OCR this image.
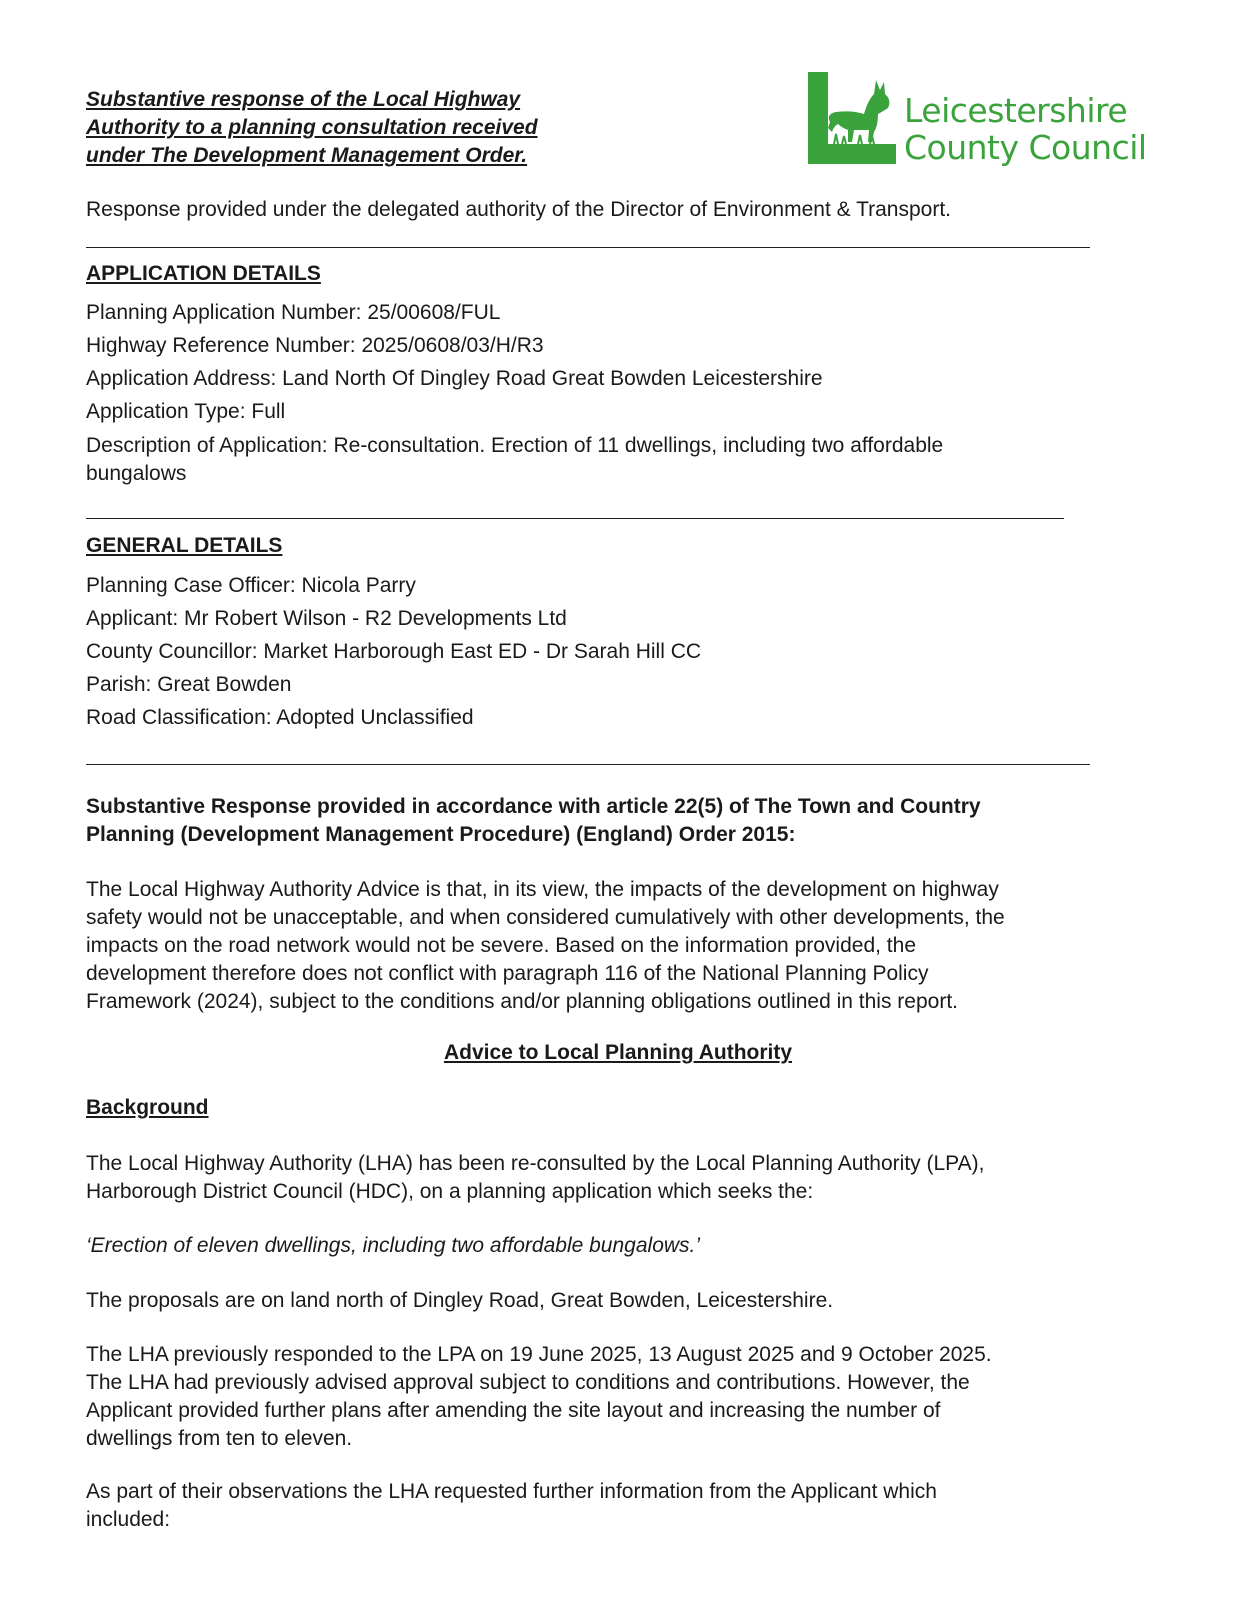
Substantive response of the Local Highway
Authority to a planning consultation received
under The Development Management Order.
Leicestershire
County Council
Response provided under the delegated authority of the Director of Environment & Transport.
APPLICATION DETAILS
Planning Application Number: 25/00608/FUL
Highway Reference Number: 2025/0608/03/H/R3
Application Address: Land North Of Dingley Road Great Bowden Leicestershire
Application Type: Full
Description of Application: Re-consultation. Erection of 11 dwellings, including two affordable
bungalows
GENERAL DETAILS
Planning Case Officer: Nicola Parry
Applicant: Mr Robert Wilson - R2 Developments Ltd
County Councillor: Market Harborough East ED - Dr Sarah Hill CC
Parish: Great Bowden
Road Classification: Adopted Unclassified
Substantive Response provided in accordance with article 22(5) of The Town and Country
Planning (Development Management Procedure) (England) Order 2015:
The Local Highway Authority Advice is that, in its view, the impacts of the development on highway
safety would not be unacceptable, and when considered cumulatively with other developments, the
impacts on the road network would not be severe. Based on the information provided, the
development therefore does not conflict with paragraph 116 of the National Planning Policy
Framework (2024), subject to the conditions and/or planning obligations outlined in this report.
Advice to Local Planning Authority
Background
The Local Highway Authority (LHA) has been re-consulted by the Local Planning Authority (LPA),
Harborough District Council (HDC), on a planning application which seeks the:
‘Erection of eleven dwellings, including two affordable bungalows.’
The proposals are on land north of Dingley Road, Great Bowden, Leicestershire.
The LHA previously responded to the LPA on 19 June 2025, 13 August 2025 and 9 October 2025.
The LHA had previously advised approval subject to conditions and contributions. However, the
Applicant provided further plans after amending the site layout and increasing the number of
dwellings from ten to eleven.
As part of their observations the LHA requested further information from the Applicant which
included:
